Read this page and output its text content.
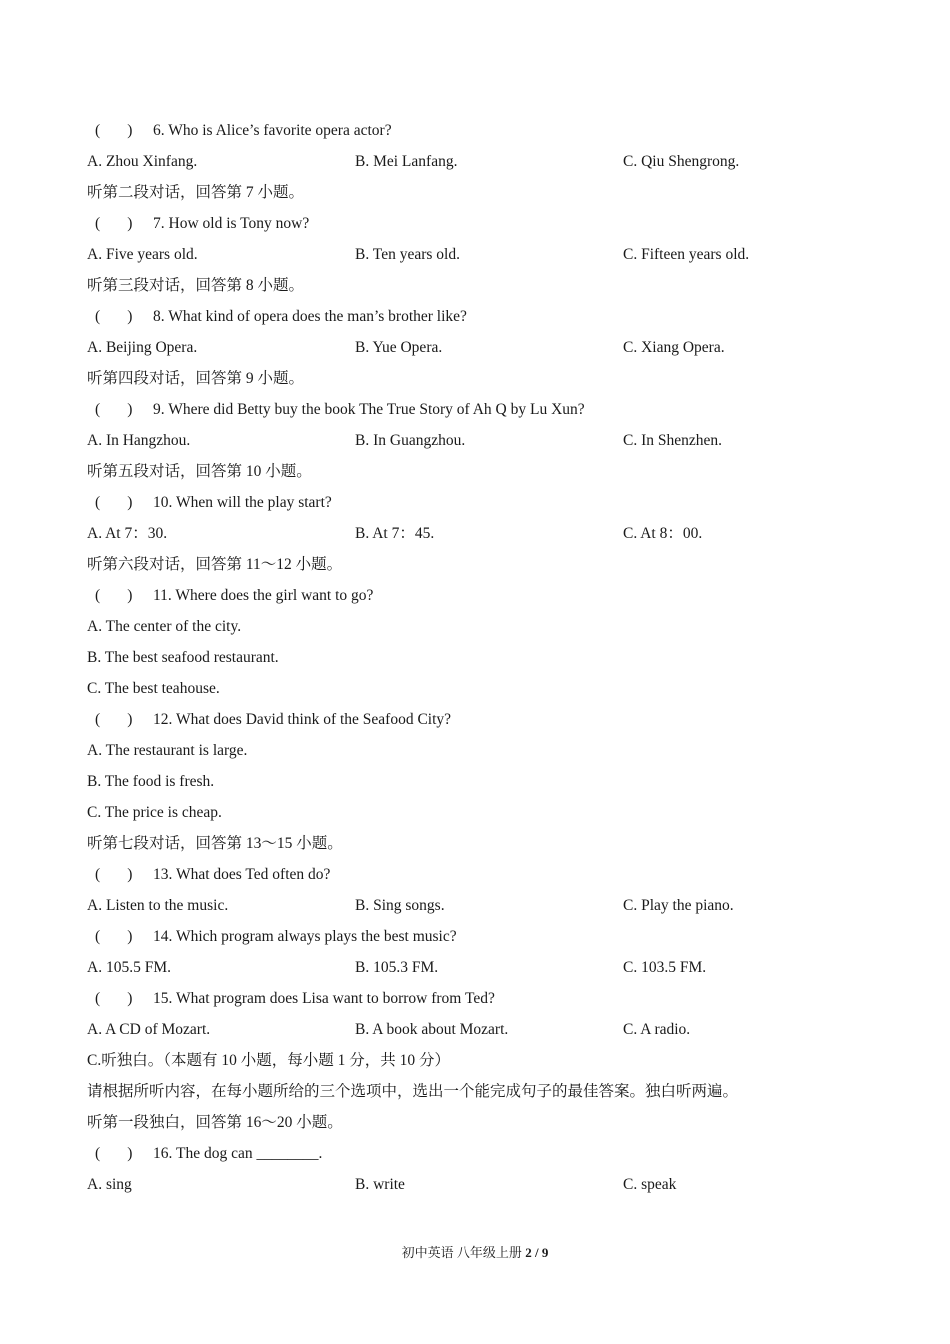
(       ) 6. Who is Alice’s favorite opera actor?
A. Zhou Xinfang.	B. Mei Lanfang.	C. Qiu Shengrong.
听第二段对话，回答第 7 小题。
(       ) 7. How old is Tony now?
A. Five years old.	B. Ten years old.	C. Fifteen years old.
听第三段对话，回答第 8 小题。
(       ) 8. What kind of opera does the man’s brother like?
A. Beijing Opera.	B. Yue Opera.	C. Xiang Opera.
听第四段对话，回答第 9 小题。
(       ) 9. Where did Betty buy the book The True Story of Ah Q by Lu Xun?
A. In Hangzhou.	B. In Guangzhou.	C. In Shenzhen.
听第五段对话，回答第 10 小题。
(       ) 10. When will the play start?
A. At 7：30.	B. At 7：45.	C. At 8：00.
听第六段对话，回答第 11～12 小题。
(       ) 11. Where does the girl want to go?
A. The center of the city.
B. The best seafood restaurant.
C. The best teahouse.
(       ) 12. What does David think of the Seafood City?
A. The restaurant is large.
B. The food is fresh.
C. The price is cheap.
听第七段对话，回答第 13～15 小题。
(       ) 13. What does Ted often do?
A. Listen to the music.	B. Sing songs.	C. Play the piano.
(       ) 14. Which program always plays the best music?
A. 105.5 FM.	B. 105.3 FM.	C. 103.5 FM.
(       ) 15. What program does Lisa want to borrow from Ted?
A. A CD of Mozart.	B. A book about Mozart.	C. A radio.
C.听独白。（本题有 10 小题，每小题 1 分，共 10 分）
请根据所听内容，在每小题所给的三个选项中，选出一个能完成句子的最佳答案。独白听两遍。
听第一段独白，回答第 16～20 小题。
(       ) 16. The dog can ________.
A. sing	B. write	C. speak
初中英语 八年级上册 2 / 9
